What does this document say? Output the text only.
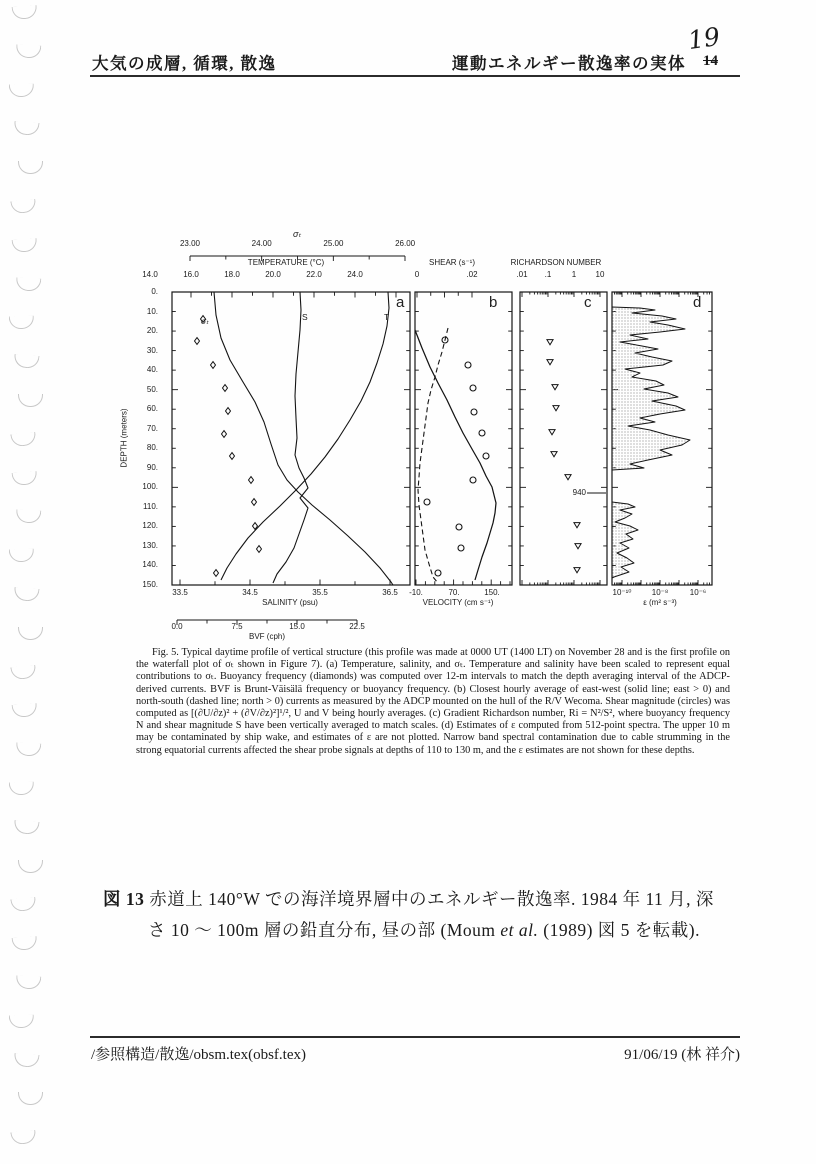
大気の成層, 循環, 散逸	運動エネルギー散逸率の実体
19
14
σₜ
TEMPERATURE (°C)	SHEAR (s⁻¹)	RICHARDSON NUMBER
DEPTH (meters)
SALINITY (psu)	VELOCITY (cm s⁻¹)	ε (m² s⁻³)
BVF (cph)
a	b	c	d
σₜ	S	T
940
Fig. 5. Typical daytime profile of vertical structure (this profile was made at 0000 UT (1400 LT) on November 28 and is the first profile on the waterfall plot of σₜ shown in Figure 7). (a) Temperature, salinity, and σₜ. Temperature and salinity have been scaled to represent equal contributions to σₜ. Buoyancy frequency (diamonds) was computed over 12-m intervals to match the depth averaging interval of the ADCP-derived currents. BVF is Brunt-Väisälä frequency or buoyancy frequency. (b) Closest hourly average of east-west (solid line; east > 0) and north-south (dashed line; north > 0) currents as measured by the ADCP mounted on the hull of the R/V Wecoma. Shear magnitude (circles) was computed as [(∂U/∂z)² + (∂V/∂z)²]¹/², U and V being hourly averages. (c) Gradient Richardson number, Ri = N²/S², where buoyancy frequency N and shear magnitude S have been vertically averaged to match scales. (d) Estimates of ε computed from 512-point spectra. The upper 10 m may be contaminated by ship wake, and estimates of ε are not plotted. Narrow band spectral contamination due to cable strumming in the strong equatorial currents affected the shear probe signals at depths of 110 to 130 m, and the ε estimates are not shown for these depths.
図 13 赤道上 140°W での海洋境界層中のエネルギー散逸率. 1984 年 11 月, 深
さ 10 ～ 100m 層の鉛直分布, 昼の部 (Moum et al. (1989) 図 5 を転載).
/参照構造/散逸/obsm.tex(obsf.tex)	91/06/19 (林 祥介)
0.
10.
20.
30.
40.
50.
60.
70.
80.
90.
100.
110.
120.
130.
140.
150.
23.00	24.00	25.00	26.00
14.0	16.0	18.0	20.0	22.0	24.0	0	.02	.01 .1	1 10
33.5	34.5	35.5	36.5 -10.	70.	150.	10⁻¹⁰	10⁻⁸	10⁻⁶
0.0	7.5	15.0	22.5
